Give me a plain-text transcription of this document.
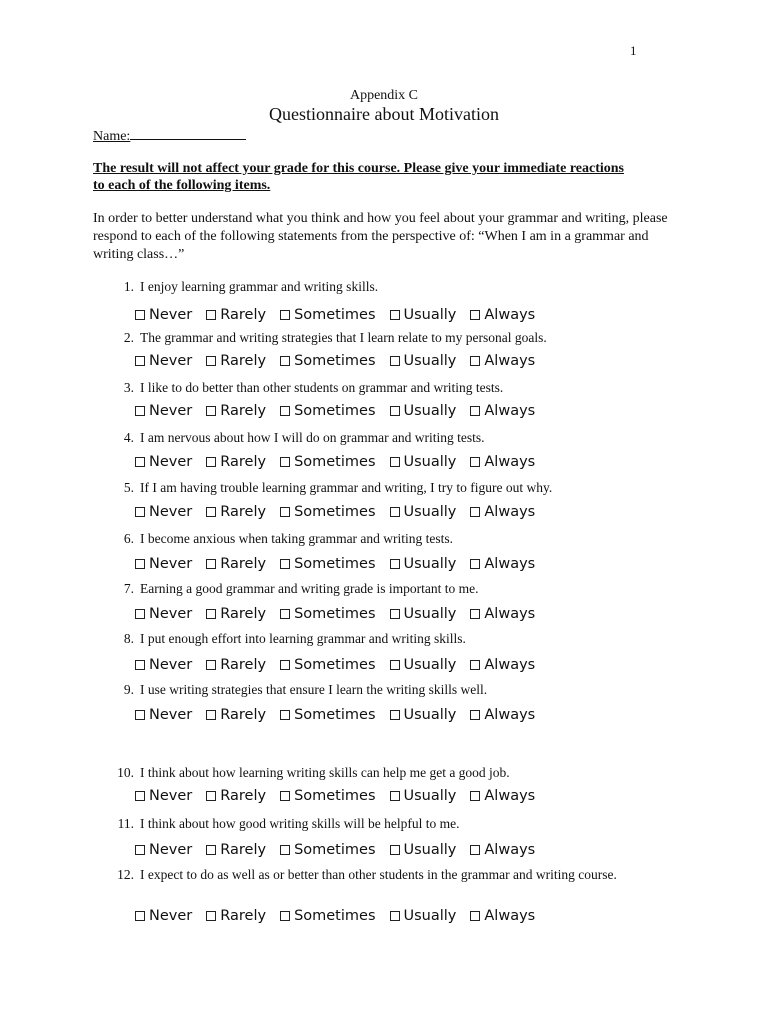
1
Appendix C
Questionnaire about Motivation
Name:
The result will not affect your grade for this course. Please give your immediate reactions to each of the following items.
In order to better understand what you think and how you feel about your grammar and writing, please respond to each of the following statements from the perspective of: “When I am in a grammar and writing class…”
1. I enjoy learning grammar and writing skills.
Never Rarely Sometimes Usually Always
2. The grammar and writing strategies that I learn relate to my personal goals.
Never Rarely Sometimes Usually Always
3. I like to do better than other students on grammar and writing tests.
Never Rarely Sometimes Usually Always
4. I am nervous about how I will do on grammar and writing tests.
Never Rarely Sometimes Usually Always
5. If I am having trouble learning grammar and writing, I try to figure out why.
Never Rarely Sometimes Usually Always
6. I become anxious when taking grammar and writing tests.
Never Rarely Sometimes Usually Always
7. Earning a good grammar and writing grade is important to me.
Never Rarely Sometimes Usually Always
8. I put enough effort into learning grammar and writing skills.
Never Rarely Sometimes Usually Always
9. I use writing strategies that ensure I learn the writing skills well.
Never Rarely Sometimes Usually Always
10. I think about how learning writing skills can help me get a good job.
Never Rarely Sometimes Usually Always
11. I think about how good writing skills will be helpful to me.
Never Rarely Sometimes Usually Always
12. I expect to do as well as or better than other students in the grammar and writing course.
Never Rarely Sometimes Usually Always
